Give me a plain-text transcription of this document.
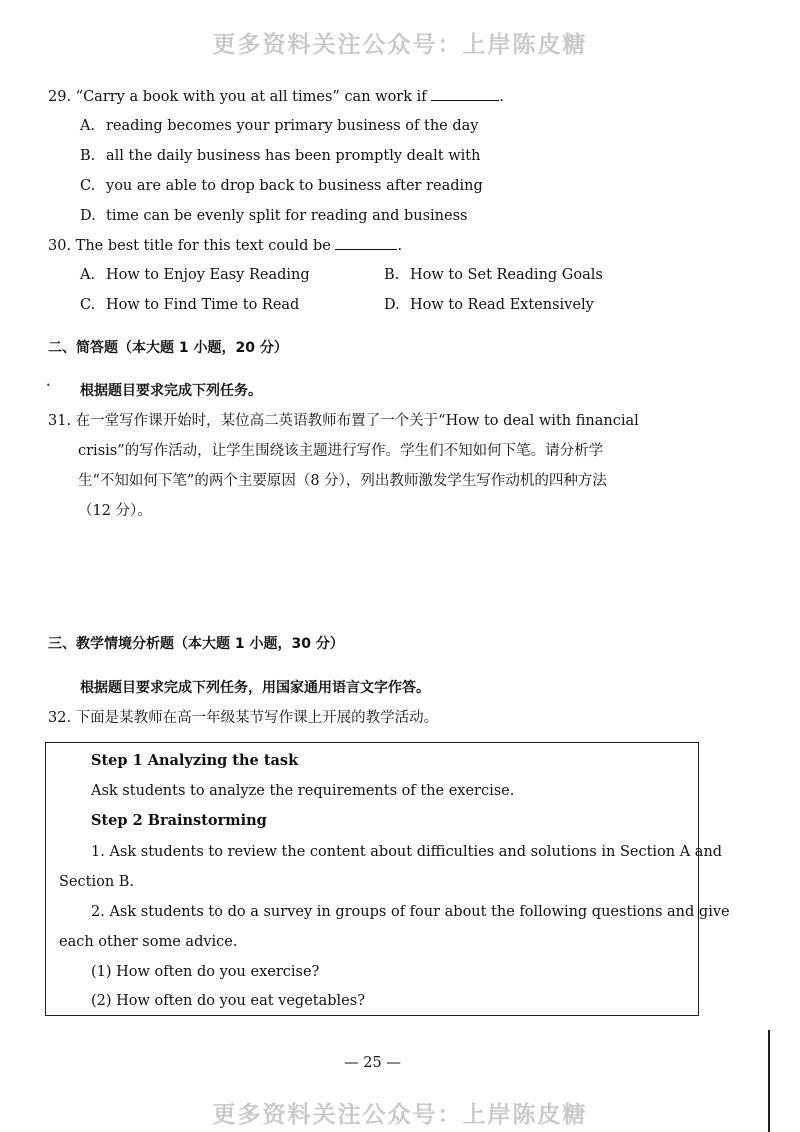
更多资料关注公众号：上岸陈皮糖
29. “Carry a book with you at all times” can work if	.
A. reading becomes your primary business of the day
B. all the daily business has been promptly dealt with
C. you are able to drop back to business after reading
D. time can be evenly split for reading and business
30. The best title for this text could be	.
A. How to Enjoy Easy Reading	B. How to Set Reading Goals
C. How to Find Time to Read	D. How to Read Extensively
二、简答题（本大题 1 小题，20 分）
• 根据题目要求完成下列任务。
31. 在一堂写作课开始时，某位高二英语教师布置了一个关于“How to deal with financial
crisis”的写作活动，让学生围绕该主题进行写作。学生们不知如何下笔。请分析学
生“不知如何下笔”的两个主要原因（8 分），列出教师激发学生写作动机的四种方法
（12 分）。
三、教学情境分析题（本大题 1 小题，30 分）
根据题目要求完成下列任务，用国家通用语言文字作答。
32. 下面是某教师在高一年级某节写作课上开展的教学活动。
Step 1 Analyzing the task
Ask students to analyze the requirements of the exercise.
Step 2 Brainstorming
1. Ask students to review the content about difficulties and solutions in Section A and
Section B.
2. Ask students to do a survey in groups of four about the following questions and give
each other some advice.
(1) How often do you exercise?
(2) How often do you eat vegetables?
— 25 —
更多资料关注公众号：上岸陈皮糖
